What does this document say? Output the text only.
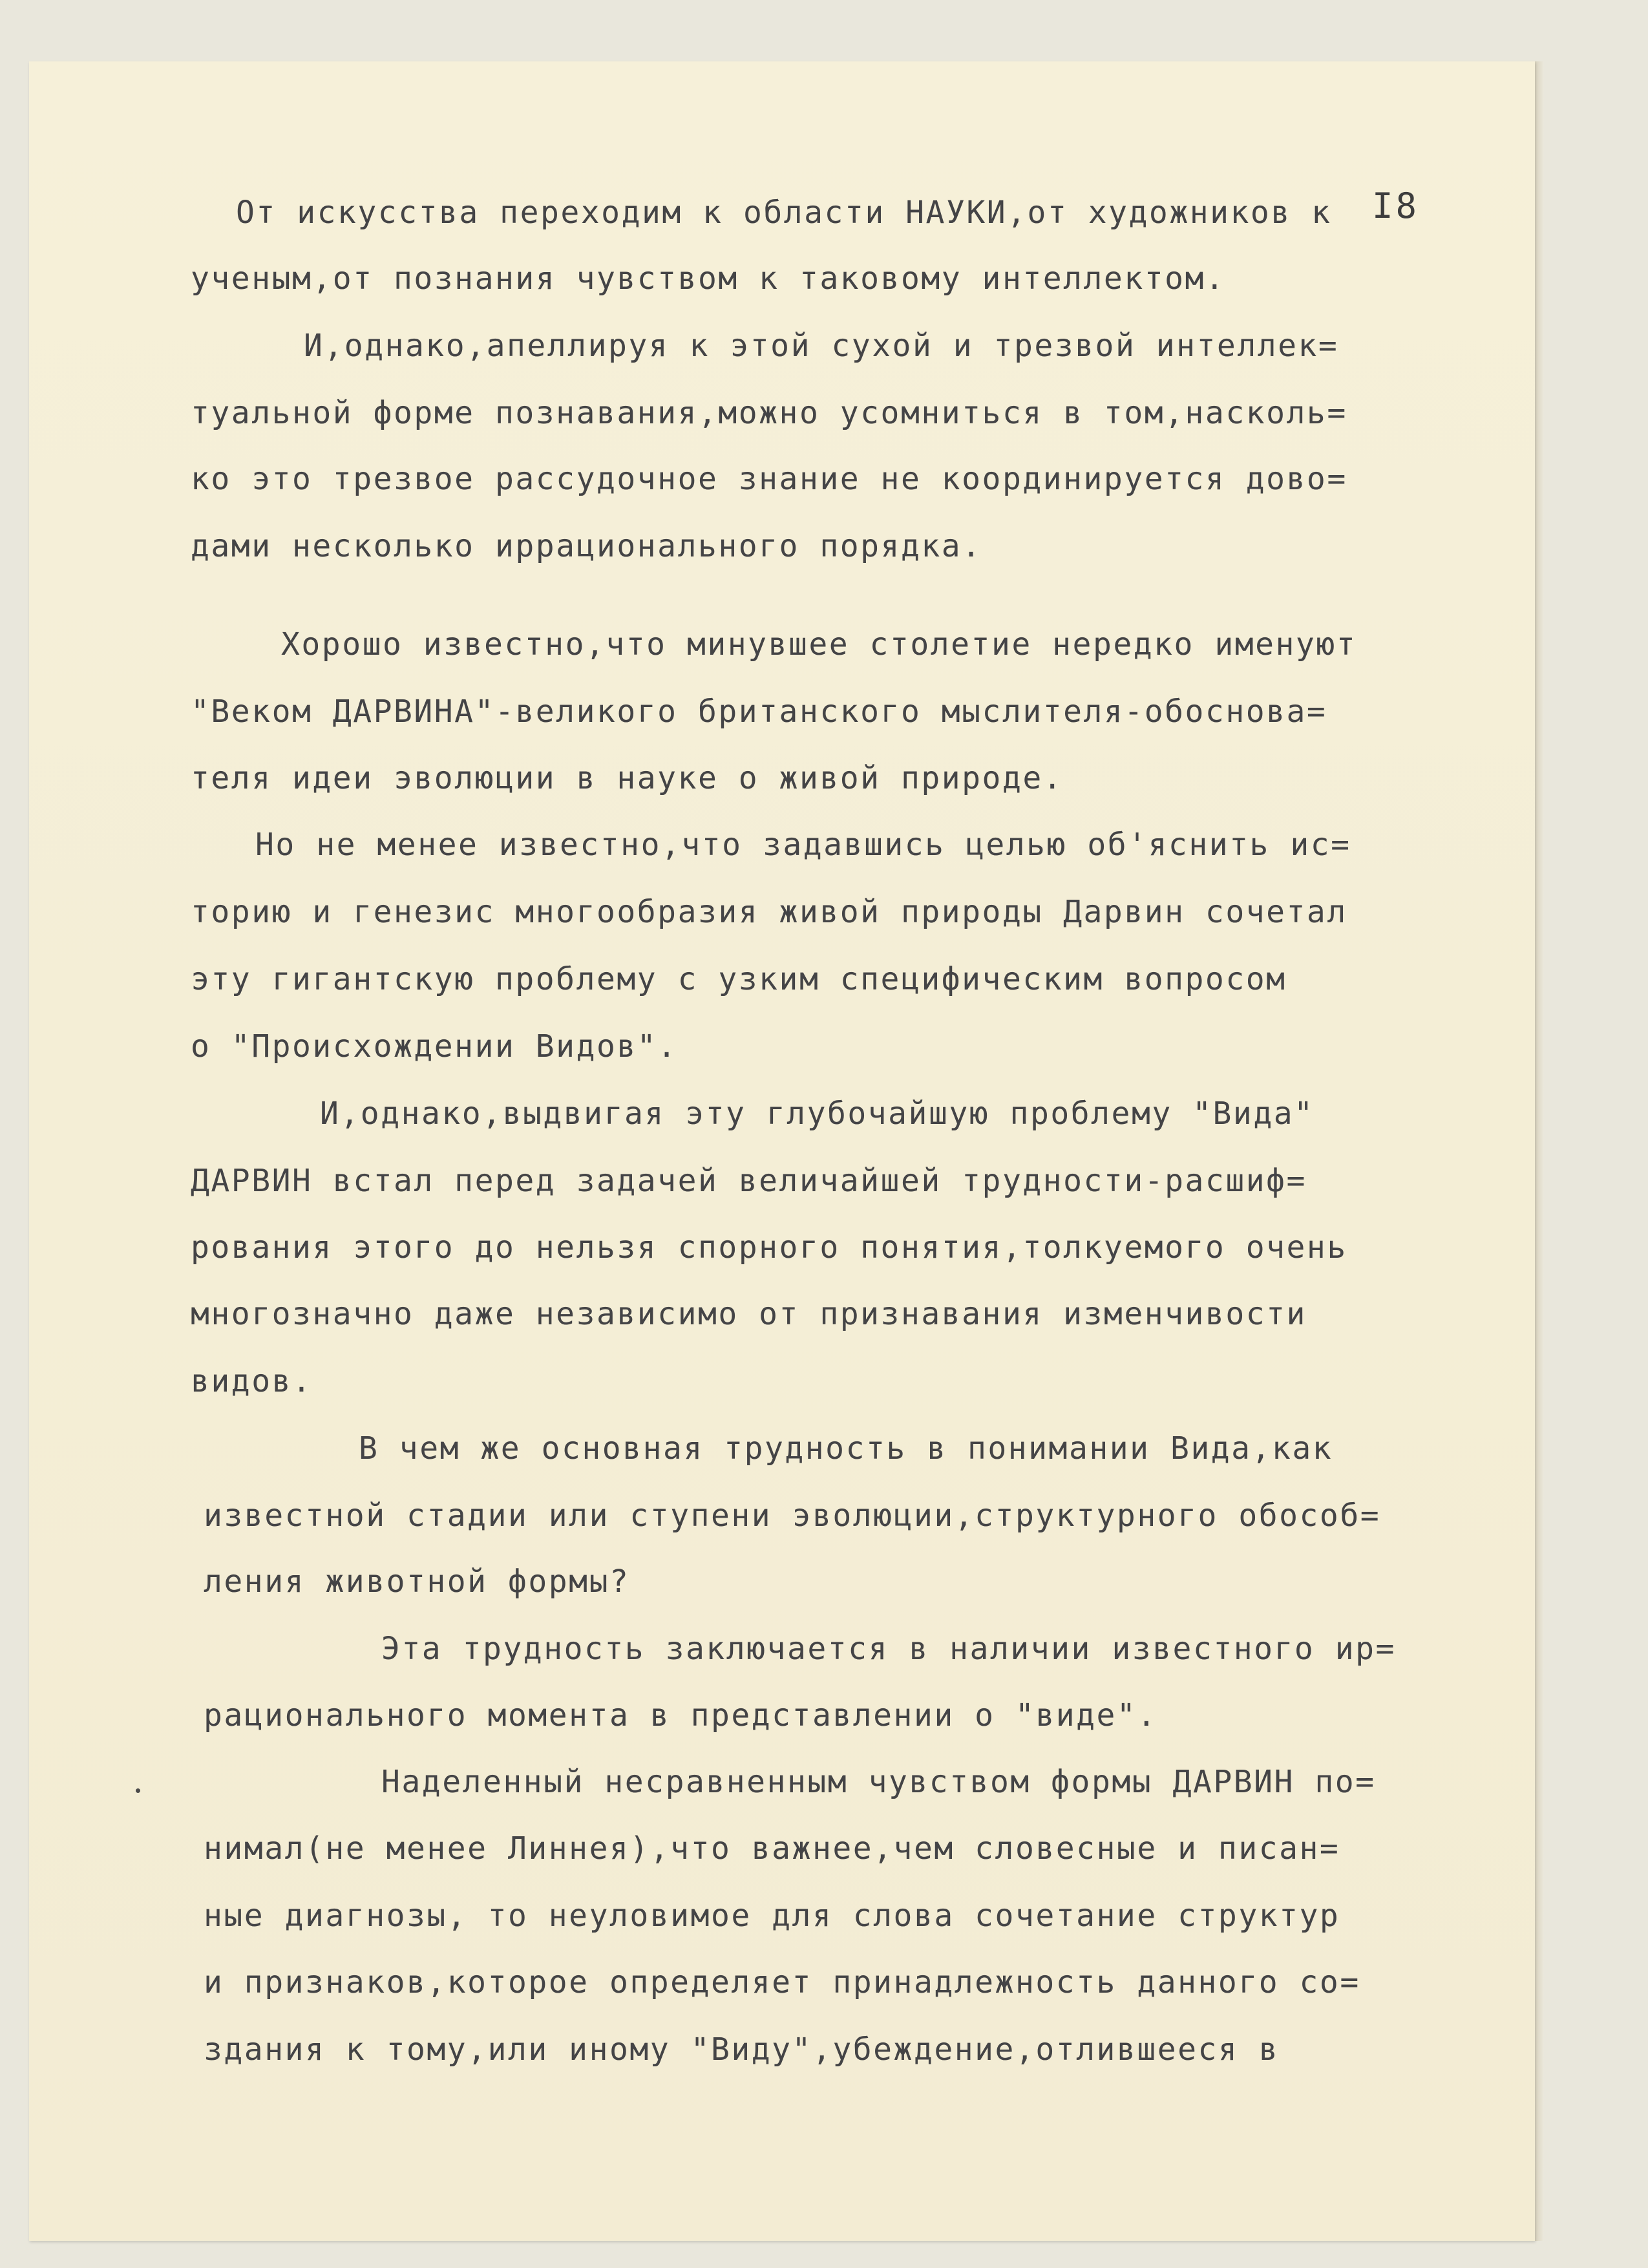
I8
От искусства переходим к области НАУКИ,от художников к
ученым,от познания чувством к таковому интеллектом.
И,однако,апеллируя к этой сухой и трезвой интеллек=
туальной форме познавания,можно усомниться в том,насколь=
ко это трезвое рассудочное знание не координируется дово=
дами несколько иррационального порядка.
Хорошо известно,что минувшее столетие нередко именуют
"Веком ДАРВИНА"-великого британского мыслителя-обоснова=
теля идеи эволюции в науке о живой природе.
Но не менее известно,что задавшись целью об'яснить ис=
торию и генезис многообразия живой природы Дарвин сочетал
эту гигантскую проблему с узким специфическим вопросом
о "Происхождении Видов".
И,однако,выдвигая эту глубочайшую проблему "Вида"
ДАРВИН встал перед задачей величайшей трудности-расшиф=
рования этого до нельзя спорного понятия,толкуемого очень
многозначно даже независимо от признавания изменчивости
видов.
В чем же основная трудность в понимании Вида,как
известной стадии или ступени эволюции,структурного обособ=
ления животной формы?
Эта трудность заключается в наличии известного ир=
рационального момента в представлении о "виде".
Наделенный несравненным чувством формы ДАРВИН по=
нимал(не менее Линнея),что важнее,чем словесные и писан=
ные диагнозы, то неуловимое для слова сочетание структур
и признаков,которое определяет принадлежность данного со=
здания к тому,или иному "Виду",убеждение,отлившееся в
